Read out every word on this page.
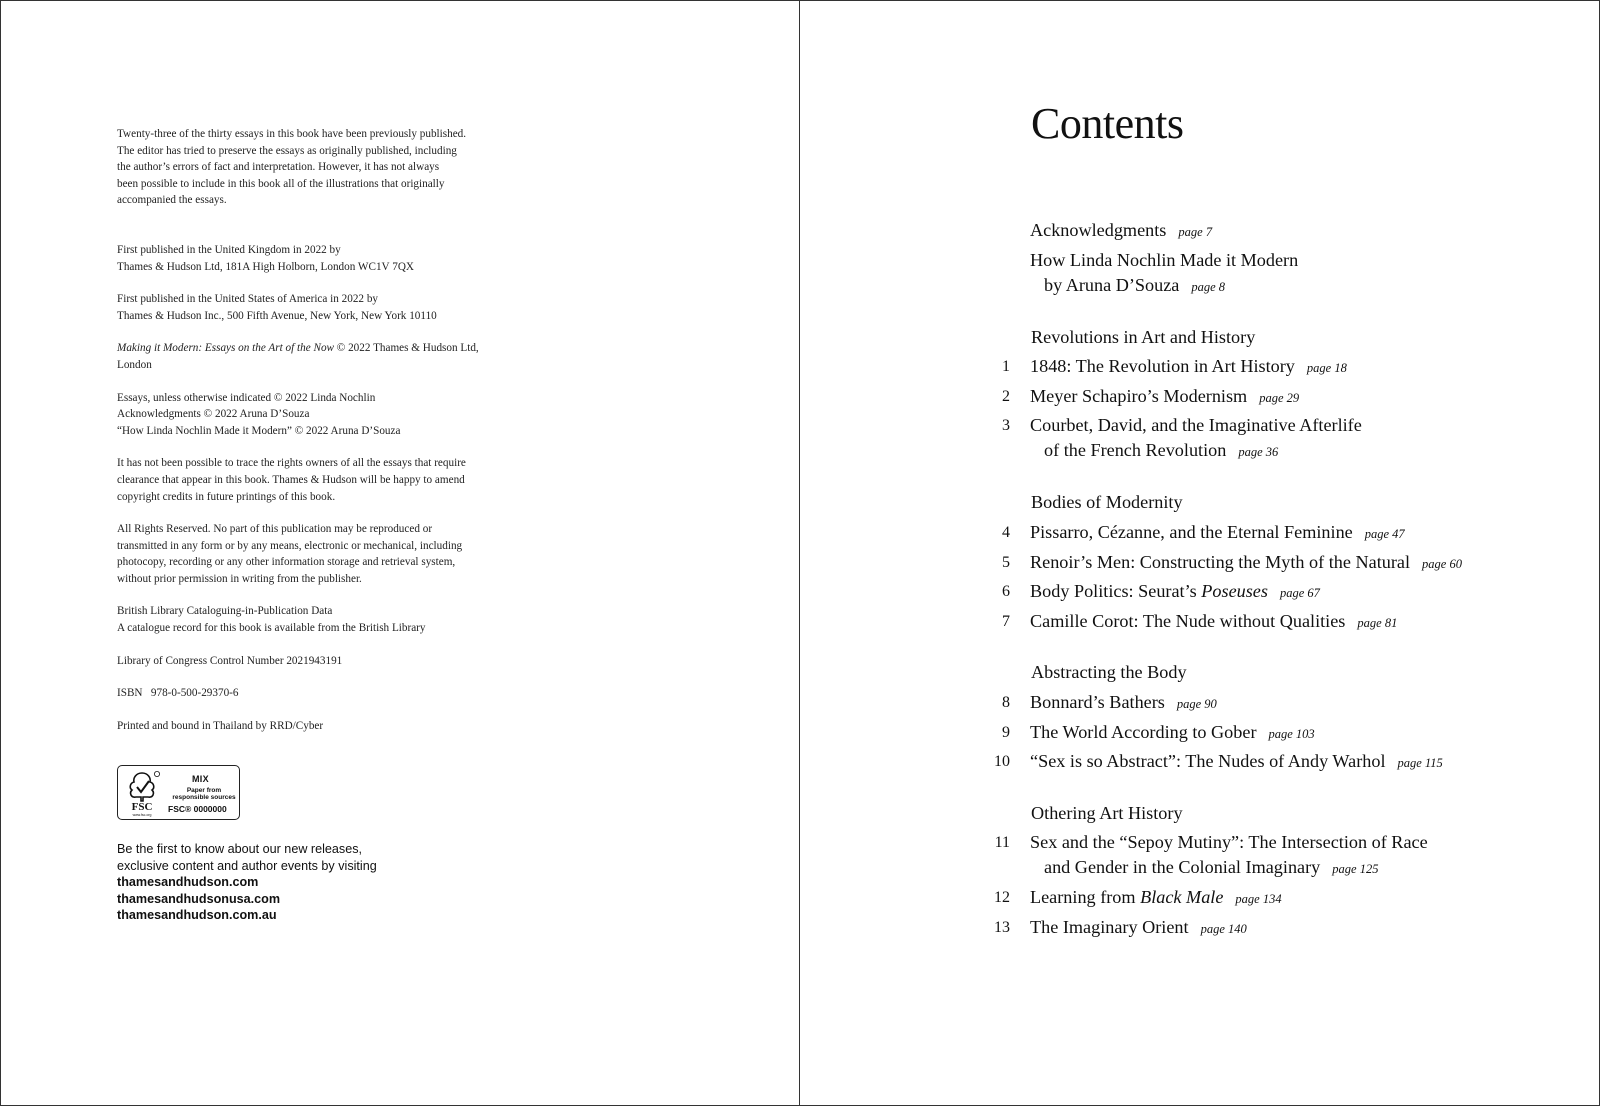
Twenty-three of the thirty essays in this book have been previously published.
The editor has tried to preserve the essays as originally published, including
the author’s errors of fact and interpretation. However, it has not always
been possible to include in this book all of the illustrations that originally
accompanied the essays.

First published in the United Kingdom in 2022 by
Thames & Hudson Ltd, 181A High Holborn, London WC1V 7QX

First published in the United States of America in 2022 by
Thames & Hudson Inc., 500 Fifth Avenue, New York, New York 10110

Making it Modern: Essays on the Art of the Now © 2022 Thames & Hudson Ltd,
London

Essays, unless otherwise indicated © 2022 Linda Nochlin
Acknowledgments © 2022 Aruna D’Souza
“How Linda Nochlin Made it Modern” © 2022 Aruna D’Souza

It has not been possible to trace the rights owners of all the essays that require
clearance that appear in this book. Thames & Hudson will be happy to amend
copyright credits in future printings of this book.

All Rights Reserved. No part of this publication may be reproduced or
transmitted in any form or by any means, electronic or mechanical, including
photocopy, recording or any other information storage and retrieval system,
without prior permission in writing from the publisher.

British Library Cataloguing-in-Publication Data
A catalogue record for this book is available from the British Library

Library of Congress Control Number 2021943191

ISBN   978-0-500-29370-6

Printed and bound in Thailand by RRD/Cyber

FSC
www.fsc.org
MIX
Paper from
responsible sources
FSC® 0000000
Be the first to know about our new releases,
exclusive content and author events by visiting
thamesandhudson.com
thamesandhudsonusa.com
thamesandhudson.com.au
Contents
Acknowledgments page 7
How Linda Nochlin Made it Modern
by Aruna D’Souza page 8
Revolutions in Art and History
1 1848: The Revolution in Art History page 18
2 Meyer Schapiro’s Modernism page 29
3 Courbet, David, and the Imaginative Afterlife
of the French Revolution page 36
Bodies of Modernity
4 Pissarro, Cézanne, and the Eternal Feminine page 47
5 Renoir’s Men: Constructing the Myth of the Natural page 60
6 Body Politics: Seurat’s Poseuses page 67
7 Camille Corot: The Nude without Qualities page 81
Abstracting the Body
8 Bonnard’s Bathers page 90
9 The World According to Gober page 103
10 “Sex is so Abstract”: The Nudes of Andy Warhol page 115
Othering Art History
11 Sex and the “Sepoy Mutiny”: The Intersection of Race
and Gender in the Colonial Imaginary page 125
12 Learning from Black Male page 134
13 The Imaginary Orient page 140
